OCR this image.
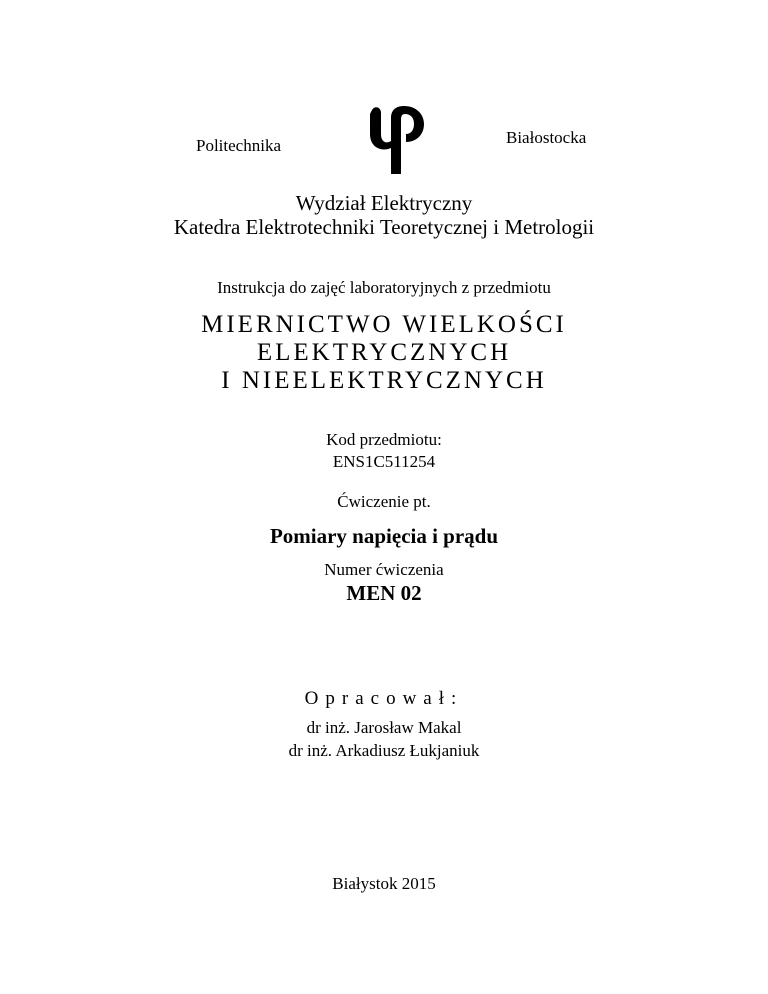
Politechnika	Białostocka
Wydział Elektryczny
Katedra Elektrotechniki Teoretycznej i Metrologii
Instrukcja do zajęć laboratoryjnych z przedmiotu
MIERNICTWO WIELKOŚCI
ELEKTRYCZNYCH
I NIEELEKTRYCZNYCH
Kod przedmiotu:
ENS1C511254
Ćwiczenie pt.
Pomiary napięcia i prądu
Numer ćwiczenia
MEN 02
Opracował:
dr inż. Jarosław Makal
dr inż. Arkadiusz Łukjaniuk
Białystok 2015
